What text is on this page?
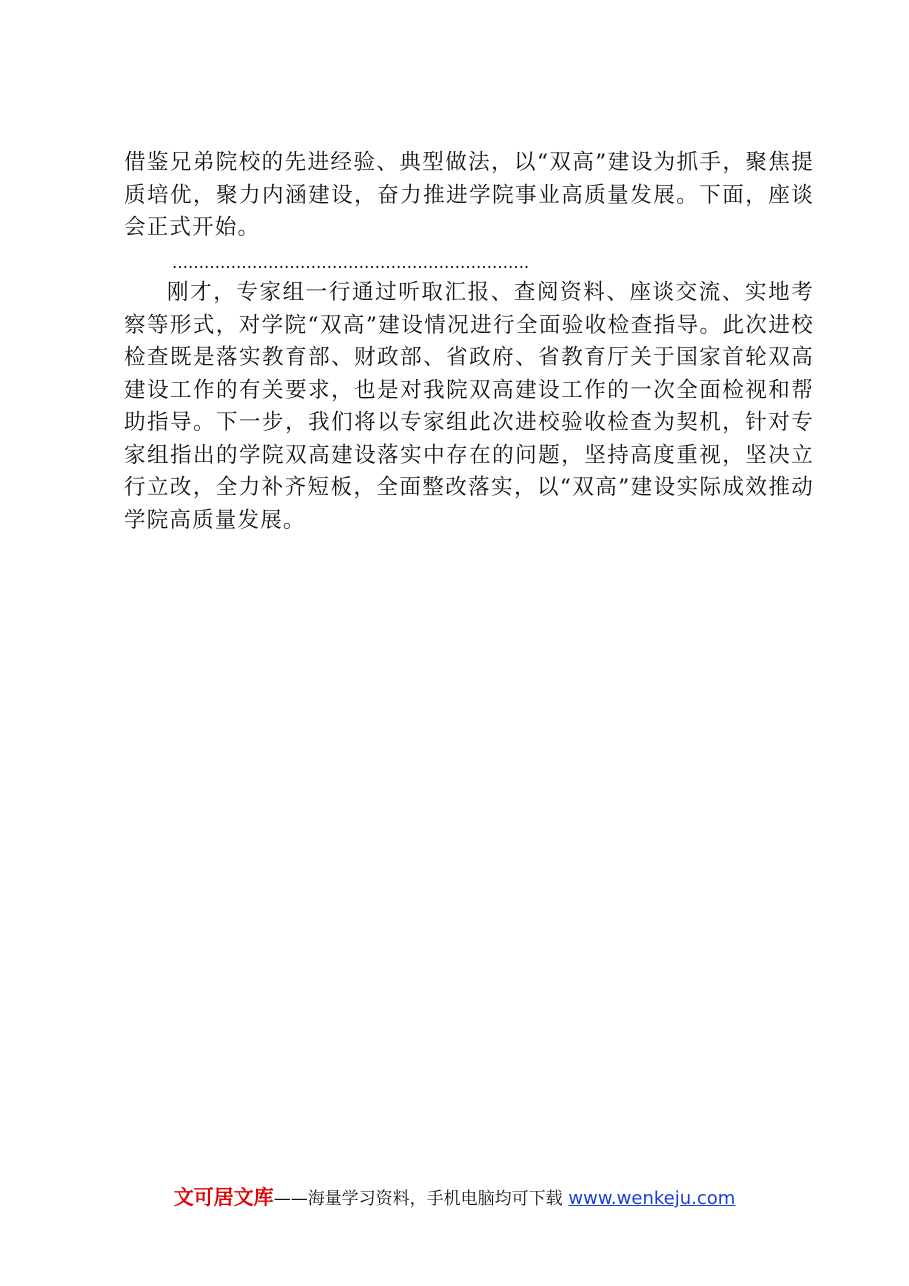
借鉴兄弟院校的先进经验、典型做法，以“双高”建设为抓手，聚焦提质培优，聚力内涵建设，奋力推进学院事业高质量发展。下面，座谈会正式开始。

………………………………………………………….

刚才，专家组一行通过听取汇报、查阅资料、座谈交流、实地考察等形式，对学院“双高”建设情况进行全面验收检查指导。此次进校检查既是落实教育部、财政部、省政府、省教育厅关于国家首轮双高建设工作的有关要求，也是对我院双高建设工作的一次全面检视和帮助指导。下一步，我们将以专家组此次进校验收检查为契机，针对专家组指出的学院双高建设落实中存在的问题，坚持高度重视，坚决立行立改，全力补齐短板，全面整改落实，以“双高”建设实际成效推动学院高质量发展。

文可居文库——海量学习资料，手机电脑均可下载 www.wenkeju.com
